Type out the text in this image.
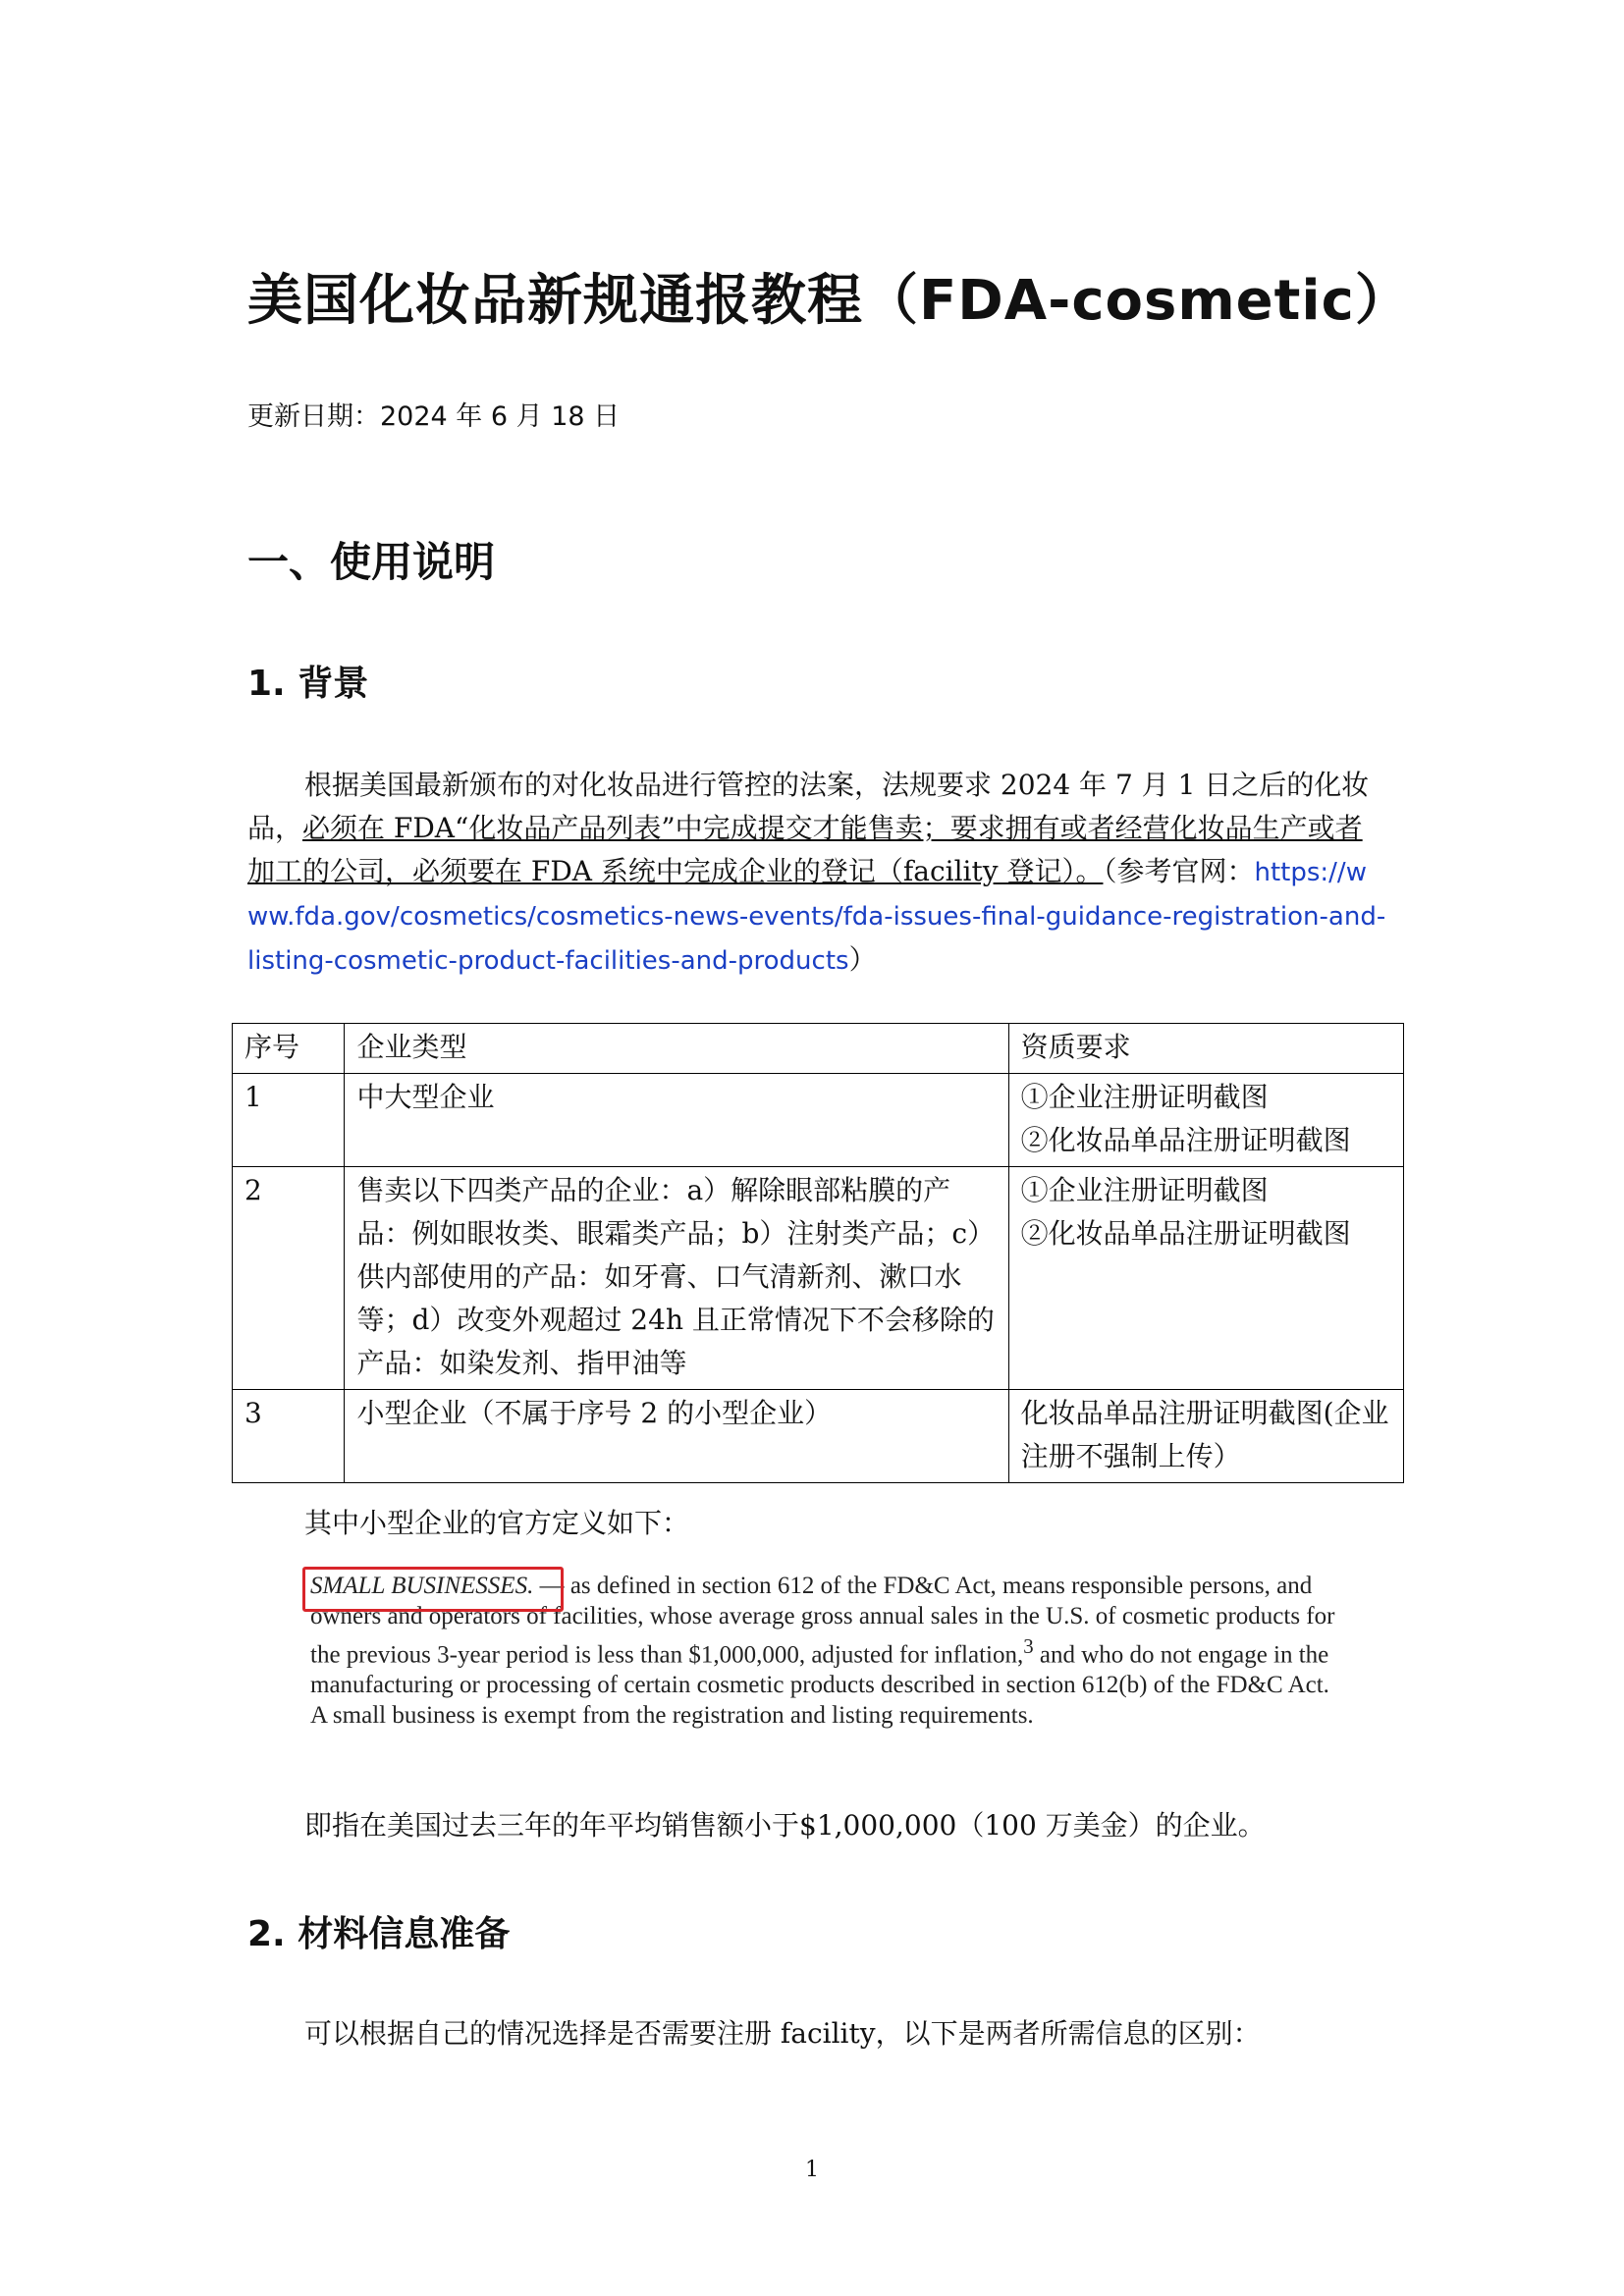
美国化妆品新规通报教程（FDA-cosmetic）
更新日期：2024 年 6 月 18 日
一、使用说明
1. 背景
根据美国最新颁布的对化妆品进行管控的法案，法规要求 2024 年 7 月 1 日之后的化妆品，必须在 FDA“化妆品产品列表”中完成提交才能售卖；要求拥有或者经营化妆品生产或者加工的公司，必须要在 FDA 系统中完成企业的登记（facility 登记）。（参考官网：https://www.fda.gov/cosmetics/cosmetics-news-events/fda-issues-final-guidance-registration-and-listing-cosmetic-product-facilities-and-products）
序号	企业类型	资质要求
1	中大型企业	①企业注册证明截图
②化妆品单品注册证明截图

2	售卖以下四类产品的企业：a）解除眼部粘膜的产品：例如眼妆类、眼霜类产品；b）注射类产品；c）供内部使用的产品：如牙膏、口气清新剂、漱口水等；d）改变外观超过 24h 且正常情况下不会移除的产品：如染发剂、指甲油等	①企业注册证明截图
②化妆品单品注册证明截图

3	小型企业（不属于序号 2 的小型企业）	化妆品单品注册证明截图(企业注册不强制上传）
其中小型企业的官方定义如下：
SMALL BUSINESSES. — as defined in section 612 of the FD&C Act, means responsible persons, and owners and operators of facilities, whose average gross annual sales in the U.S. of cosmetic products for the previous 3-year period is less than $1,000,000, adjusted for inflation,$^3$ and who do not engage in the manufacturing or processing of certain cosmetic products described in section 612(b) of the FD&C Act. A small business is exempt from the registration and listing requirements.
即指在美国过去三年的年平均销售额小于$1,000,000（100 万美金）的企业。
2. 材料信息准备
可以根据自己的情况选择是否需要注册 facility，以下是两者所需信息的区别：
1
